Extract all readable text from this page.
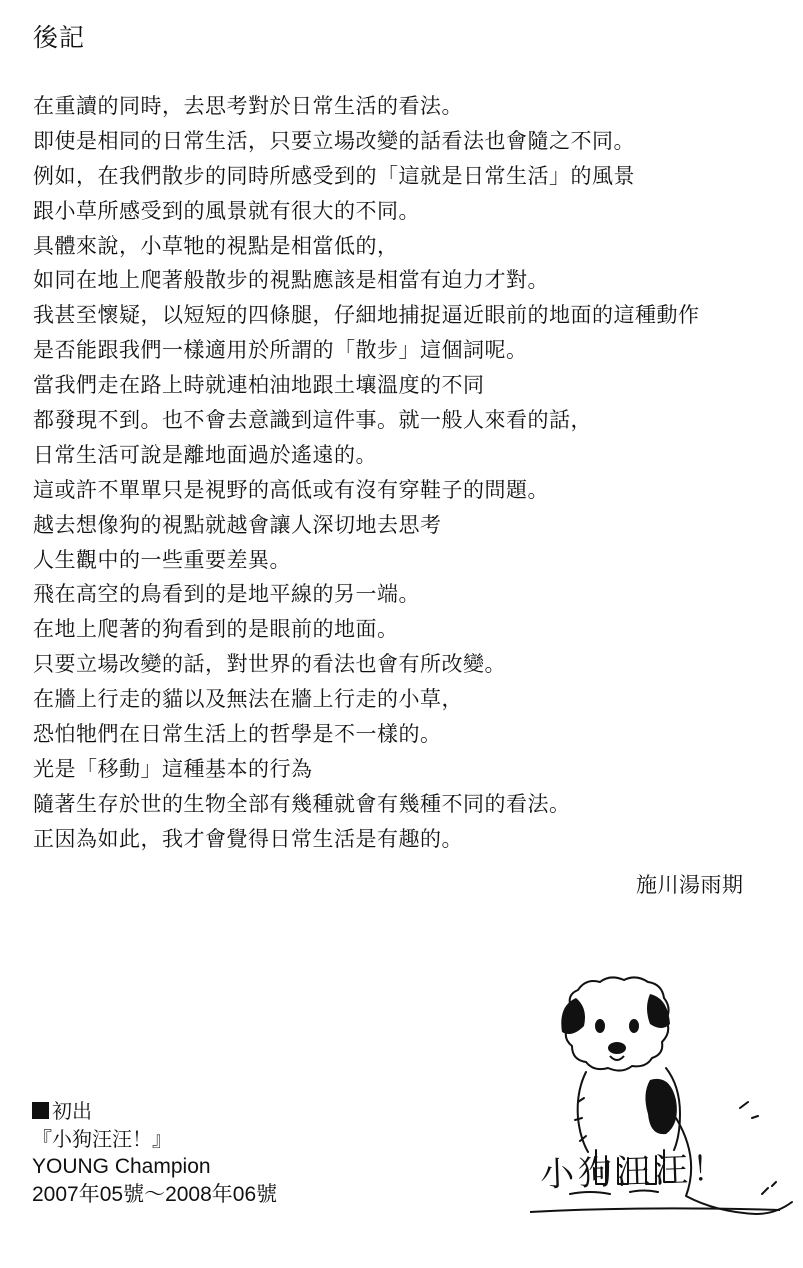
後記
在重讀的同時，去思考對於日常生活的看法。
即使是相同的日常生活，只要立場改變的話看法也會隨之不同。
例如，在我們散步的同時所感受到的「這就是日常生活」的風景
跟小草所感受到的風景就有很大的不同。
具體來說，小草牠的視點是相當低的，
如同在地上爬著般散步的視點應該是相當有迫力才對。
我甚至懷疑，以短短的四條腿，仔細地捕捉逼近眼前的地面的這種動作
是否能跟我們一樣適用於所謂的「散步」這個詞呢。
當我們走在路上時就連柏油地跟土壤溫度的不同
都發現不到。也不會去意識到這件事。就一般人來看的話，
日常生活可說是離地面過於遙遠的。
這或許不單單只是視野的高低或有沒有穿鞋子的問題。
越去想像狗的視點就越會讓人深切地去思考
人生觀中的一些重要差異。
飛在高空的鳥看到的是地平線的另一端。
在地上爬著的狗看到的是眼前的地面。
只要立場改變的話，對世界的看法也會有所改變。
在牆上行走的貓以及無法在牆上行走的小草，
恐怕牠們在日常生活上的哲學是不一樣的。
光是「移動」這種基本的行為
隨著生存於世的生物全部有幾種就會有幾種不同的看法。
正因為如此，我才會覺得日常生活是有趣的。
施川湯雨期
初出
『小狗汪汪！』
YOUNG Champion
2007年05號～2008年06號	小狗汪汪！
